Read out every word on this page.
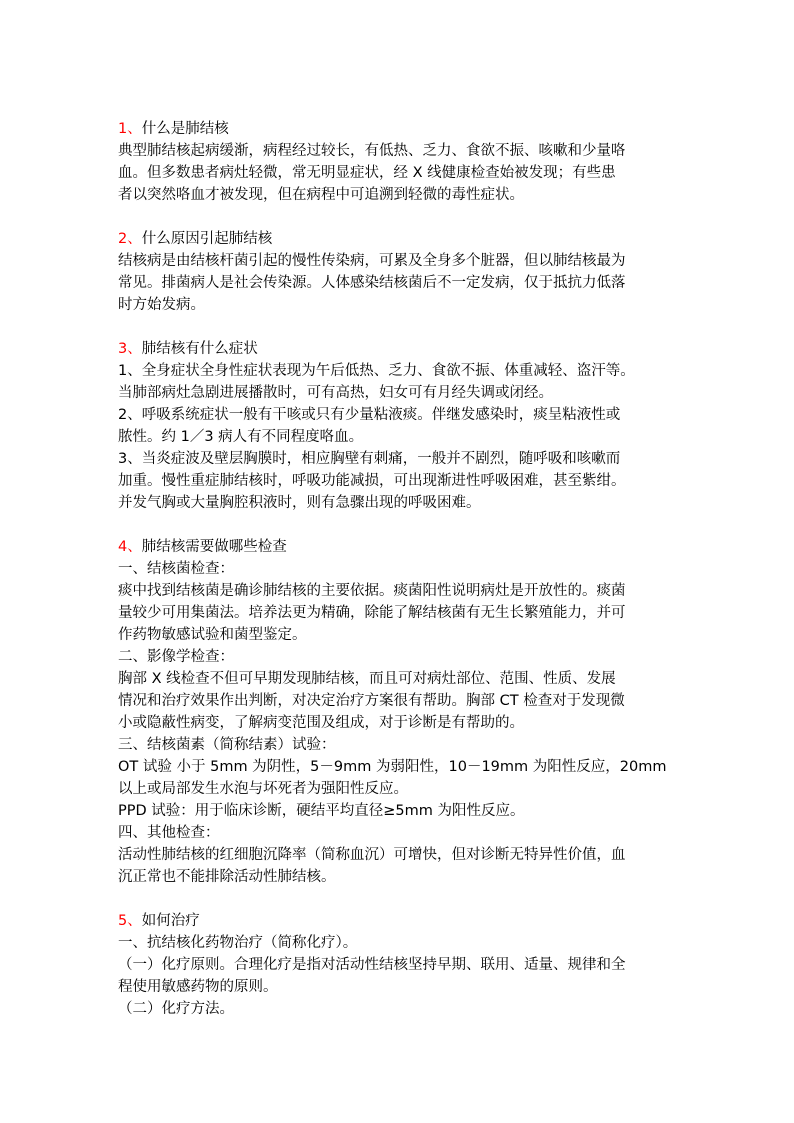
1、什么是肺结核
典型肺结核起病缓渐，病程经过较长，有低热、乏力、食欲不振、咳嗽和少量咯
血。但多数患者病灶轻微，常无明显症状，经 X 线健康检查始被发现；有些患
者以突然咯血才被发现，但在病程中可追溯到轻微的毒性症状。
2、什么原因引起肺结核
结核病是由结核杆菌引起的慢性传染病，可累及全身多个脏器，但以肺结核最为
常见。排菌病人是社会传染源。人体感染结核菌后不一定发病，仅于抵抗力低落
时方始发病。
3、肺结核有什么症状
1、全身症状全身性症状表现为午后低热、乏力、食欲不振、体重减轻、盗汗等。
当肺部病灶急剧进展播散时，可有高热，妇女可有月经失调或闭经。
2、呼吸系统症状一般有干咳或只有少量粘液痰。伴继发感染时，痰呈粘液性或
脓性。约 1／3 病人有不同程度咯血。
3、当炎症波及壁层胸膜时，相应胸壁有刺痛，一般并不剧烈，随呼吸和咳嗽而
加重。慢性重症肺结核时，呼吸功能减损，可出现渐进性呼吸困难，甚至紫绀。
并发气胸或大量胸腔积液时，则有急骤出现的呼吸困难。
4、肺结核需要做哪些检查
一、结核菌检查：
痰中找到结核菌是确诊肺结核的主要依据。痰菌阳性说明病灶是开放性的。痰菌
量较少可用集菌法。培养法更为精确，除能了解结核菌有无生长繁殖能力，并可
作药物敏感试验和菌型鉴定。
二、影像学检查：
胸部 X 线检查不但可早期发现肺结核，而且可对病灶部位、范围、性质、发展
情况和治疗效果作出判断，对决定治疗方案很有帮助。胸部 CT 检查对于发现微
小或隐蔽性病变，了解病变范围及组成，对于诊断是有帮助的。
三、结核菌素（简称结素）试验：
OT 试验 小于 5mm 为阴性，5－9mm 为弱阳性，10－19mm 为阳性反应，20mm
以上或局部发生水泡与坏死者为强阳性反应。
PPD 试验：用于临床诊断，硬结平均直径≥5mm 为阳性反应。
四、其他检查：
活动性肺结核的红细胞沉降率（简称血沉）可增快，但对诊断无特异性价值，血
沉正常也不能排除活动性肺结核。
5、如何治疗
一、抗结核化药物治疗（简称化疗）。
（一）化疗原则。合理化疗是指对活动性结核坚持早期、联用、适量、规律和全
程使用敏感药物的原则。
（二）化疗方法。
